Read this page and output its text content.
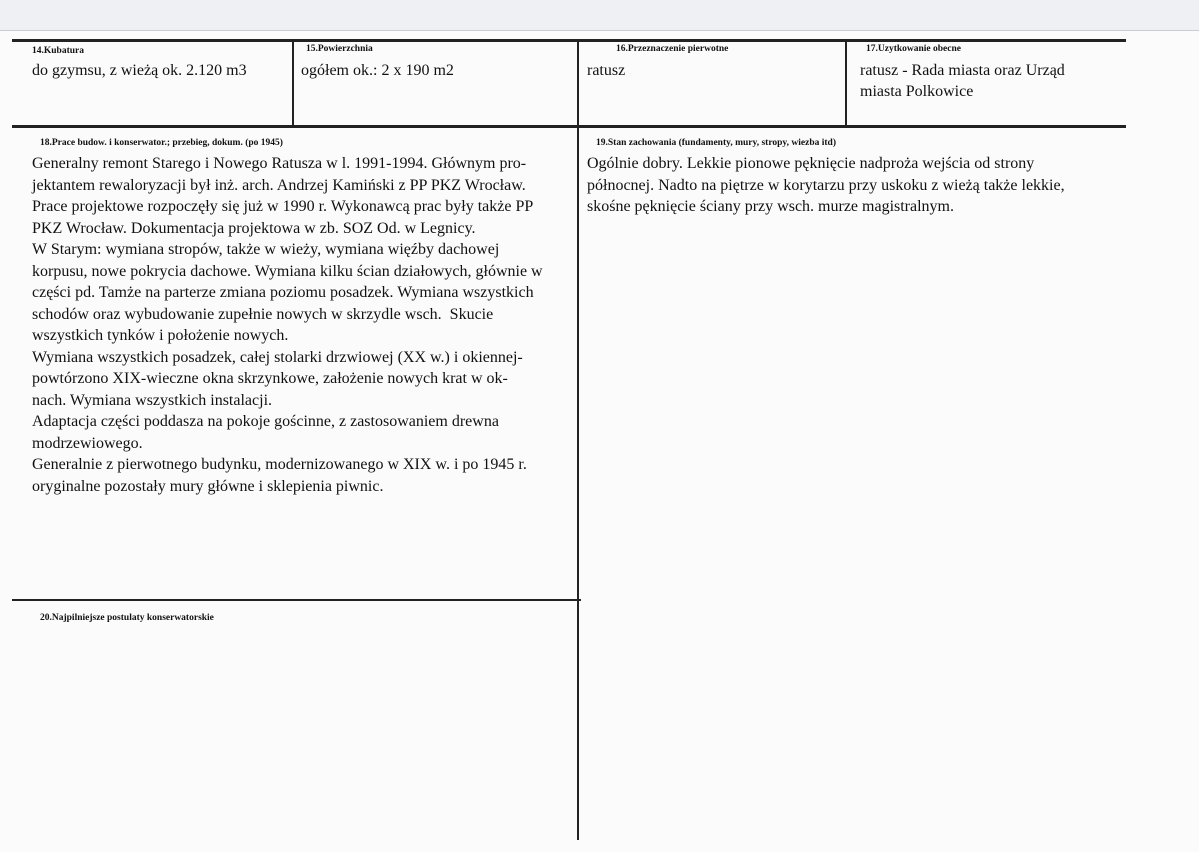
14.Kubatura
do gzymsu, z wieżą ok. 2.120 m3
15.Powierzchnia
ogółem ok.: 2 x 190 m2
16.Przeznaczenie pierwotne
ratusz
17.Uzytkowanie obecne
ratusz - Rada miasta oraz Urząd
miasta Polkowice
18.Prace budow. i konserwator.; przebieg, dokum. (po 1945)
Generalny remont Starego i Nowego Ratusza w l. 1991-1994. Głównym pro-
jektantem rewaloryzacji był inż. arch. Andrzej Kamiński z PP PKZ Wrocław.
Prace projektowe rozpoczęły się już w 1990 r. Wykonawcą prac były także PP
PKZ Wrocław. Dokumentacja projektowa w zb. SOZ Od. w Legnicy.
W Starym: wymiana stropów, także w wieży, wymiana więźby dachowej
korpusu, nowe pokrycia dachowe. Wymiana kilku ścian działowych, głównie w
części pd. Tamże na parterze zmiana poziomu posadzek. Wymiana wszystkich
schodów oraz wybudowanie zupełnie nowych w skrzydle wsch.  Skucie
wszystkich tynków i położenie nowych.
Wymiana wszystkich posadzek, całej stolarki drzwiowej (XX w.) i okiennej-
powtórzono XIX-wieczne okna skrzynkowe, założenie nowych krat w ok-
nach. Wymiana wszystkich instalacji.
Adaptacja części poddasza na pokoje gościnne, z zastosowaniem drewna
modrzewiowego.
Generalnie z pierwotnego budynku, modernizowanego w XIX w. i po 1945 r.
oryginalne pozostały mury główne i sklepienia piwnic.
19.Stan zachowania (fundamenty, mury, stropy, wiezba itd)
Ogólnie dobry. Lekkie pionowe pęknięcie nadproża wejścia od strony
północnej. Nadto na piętrze w korytarzu przy uskoku z wieżą także lekkie,
skośne pęknięcie ściany przy wsch. murze magistralnym.
20.Najpilniejsze postulaty konserwatorskie
